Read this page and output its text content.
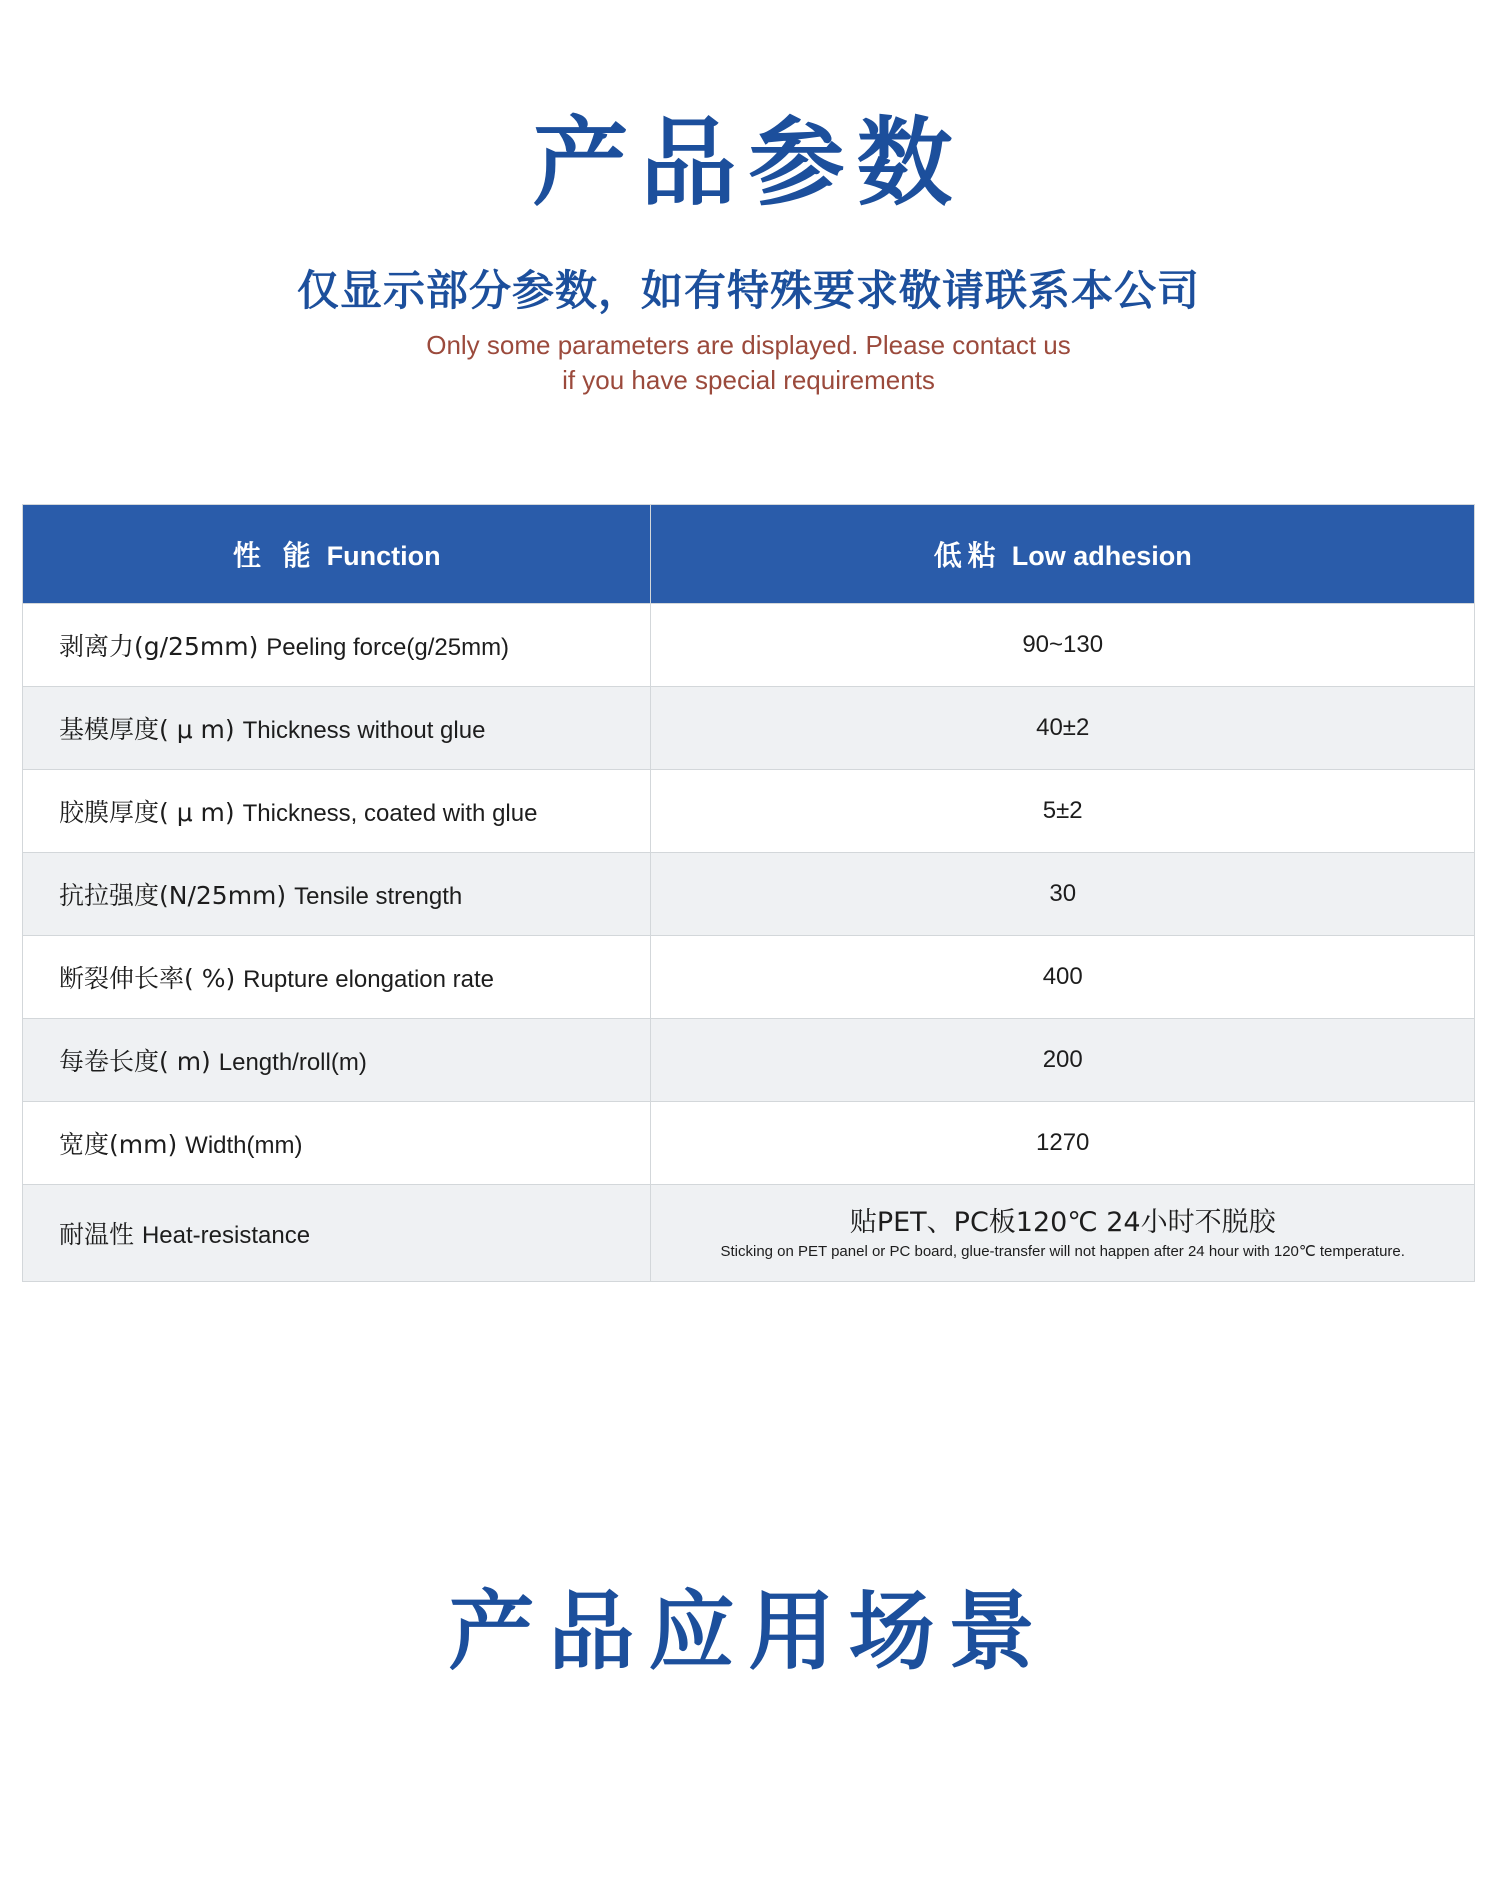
产品参数
仅显示部分参数，如有特殊要求敬请联系本公司
Only some parameters are displayed. Please contact us
if you have special requirements
性 能 Function	低粘 Low adhesion
剥离力(g/25mm) Peeling force(g/25mm)	90~130
基模厚度( μ m) Thickness without glue	40±2
胶膜厚度( μ m) Thickness, coated with glue	5±2
抗拉强度(N/25mm) Tensile strength	30
断裂伸长率( %) Rupture elongation rate	400
每卷长度( m) Length/roll(m)	200
宽度(mm) Width(mm)	1270
耐温性 Heat-resistance	贴PET、PC板120℃ 24小时不脱胶
Sticking on PET panel or PC board, glue-transfer will not happen after 24 hour with 120℃ temperature.
产品应用场景
